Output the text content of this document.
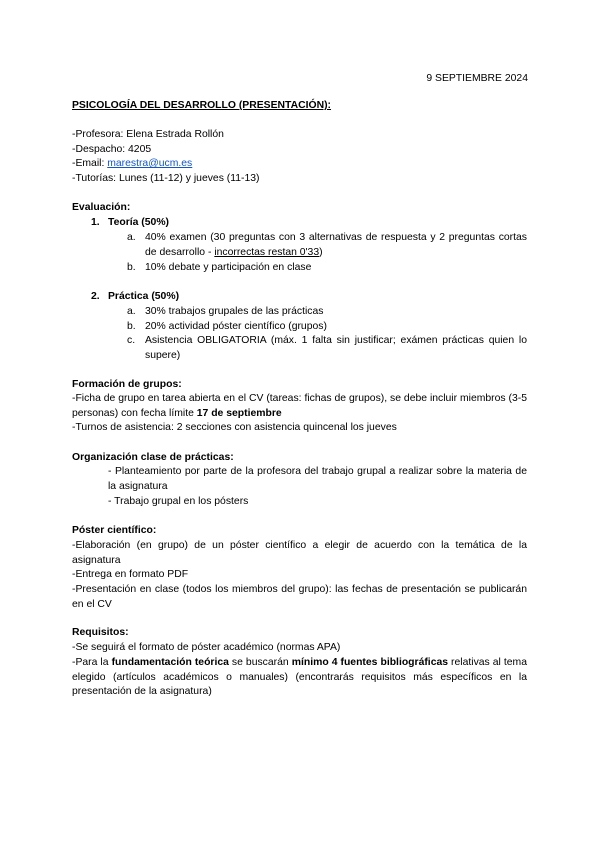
9 SEPTIEMBRE 2024
PSICOLOGÍA DEL DESARROLLO (PRESENTACIÓN):
-Profesora: Elena Estrada Rollón
-Despacho: 4205
-Email: marestra@ucm.es
-Tutorías: Lunes (11-12) y jueves (11-13)
Evaluación:
1. Teoría (50%)
a. 40% examen (30 preguntas con 3 alternativas de respuesta y 2 preguntas cortas de desarrollo - incorrectas restan 0'33)
b. 10% debate y participación en clase
2. Práctica (50%)
a. 30% trabajos grupales de las prácticas
b. 20% actividad póster científico (grupos)
c. Asistencia OBLIGATORIA (máx. 1 falta sin justificar; exámen prácticas quien lo supere)
Formación de grupos:
-Ficha de grupo en tarea abierta en el CV (tareas: fichas de grupos), se debe incluir miembros (3-5 personas) con fecha límite 17 de septiembre
-Turnos de asistencia: 2 secciones con asistencia quincenal los jueves
Organización clase de prácticas:
- Planteamiento por parte de la profesora del trabajo grupal a realizar sobre la materia de la asignatura
- Trabajo grupal en los pósters
Póster científico:
-Elaboración (en grupo) de un póster científico a elegir de acuerdo con la temática de la asignatura
-Entrega en formato PDF
-Presentación en clase (todos los miembros del grupo): las fechas de presentación se publicarán en el CV
Requisitos:
-Se seguirá el formato de póster académico (normas APA)
-Para la fundamentación teórica se buscarán mínimo 4 fuentes bibliográficas relativas al tema elegido (artículos académicos o manuales) (encontrarás requisitos más específicos en la presentación de la asignatura)
